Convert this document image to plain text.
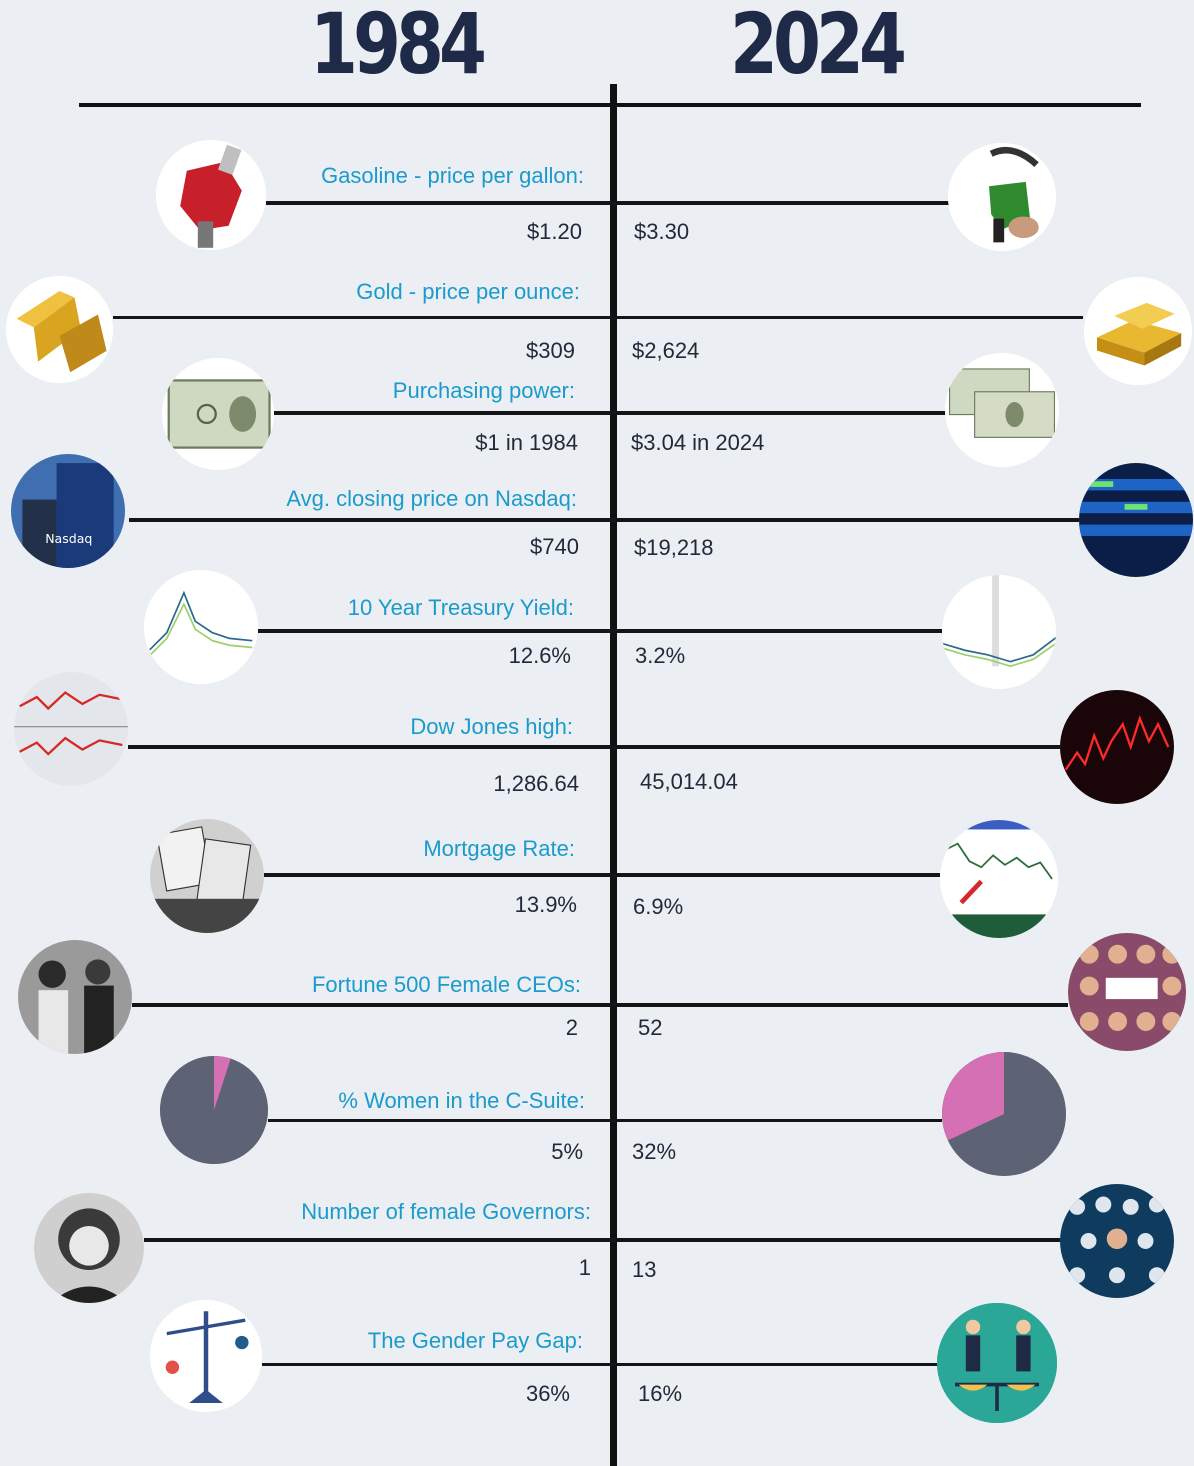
1984	2024
Gasoline - price per gallon:
$1.20 $3.30
Gold - price per ounce:
$309	$2,624
Purchasing power:
$1 in 1984 $3.04 in 2024
Nasdaq
Avg. closing price on Nasdaq:
$740	$19,218
10 Year Treasury Yield:
12.6%	3.2%
Dow Jones high:
1,286.64	45,014.04
Mortgage Rate:
13.9%	6.9%
Fortune 500 Female CEOs:
2	52
% Women in the C-Suite:
5% 32%
Number of female Governors:
1 13
The Gender Pay Gap:
36%	16%
